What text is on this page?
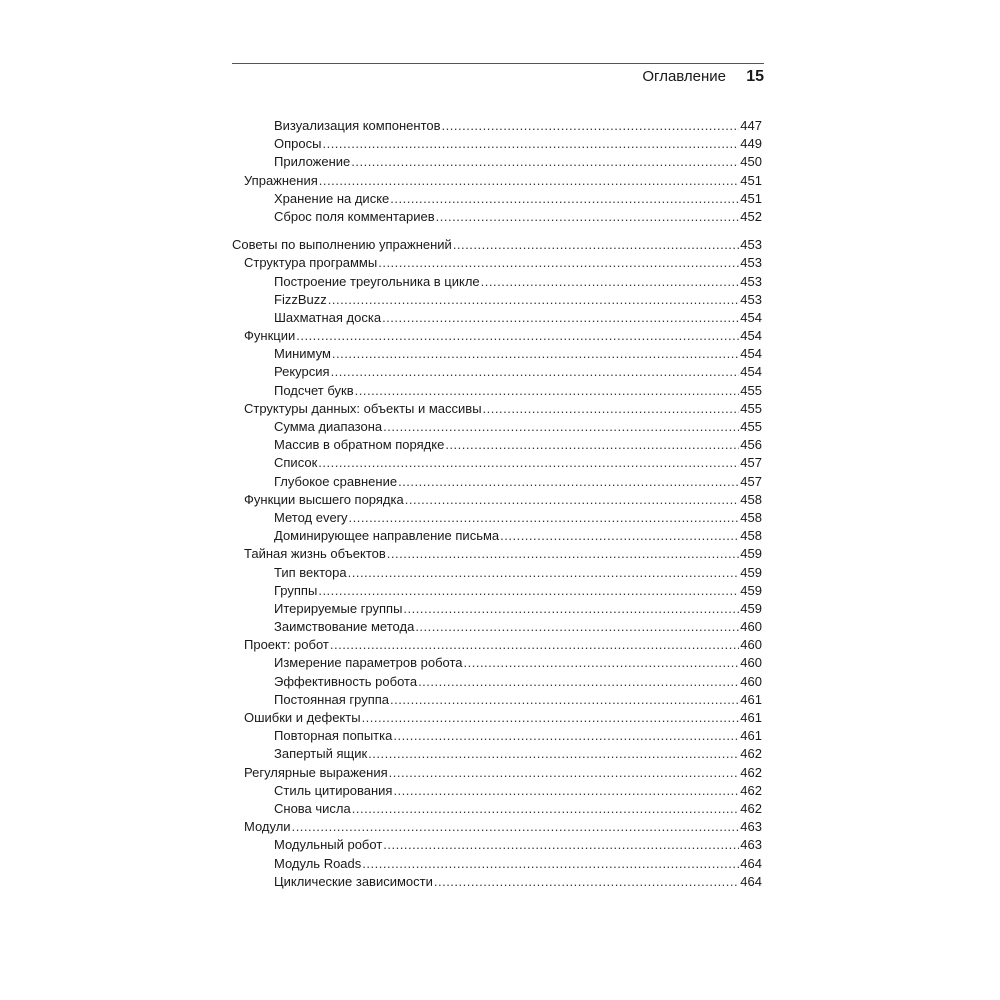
Оглавление 15
Визуализация компонентов .....	447
Опросы .....	449
Приложение .....	450
Упражнения .....	451
Хранение на диске .....	451
Сброс поля комментариев .....	452
Советы по выполнению упражнений .....	453
Структура программы .....	453
Построение треугольника в цикле .....	453
FizzBuzz .....	453
Шахматная доска .....	454
Функции .....	454
Минимум .....	454
Рекурсия .....	454
Подсчет букв .....	455
Структуры данных: объекты и массивы .....	455
Сумма диапазона .....	455
Массив в обратном порядке .....	456
Список .....	457
Глубокое сравнение .....	457
Функции высшего порядка .....	458
Метод every .....	458
Доминирующее направление письма .....	458
Тайная жизнь объектов .....	459
Тип вектора .....	459
Группы .....	459
Итерируемые группы .....	459
Заимствование метода .....	460
Проект: робот .....	460
Измерение параметров робота .....	460
Эффективность робота .....	460
Постоянная группа .....	461
Ошибки и дефекты .....	461
Повторная попытка .....	461
Запертый ящик .....	462
Регулярные выражения .....	462
Стиль цитирования .....	462
Снова числа .....	462
Модули .....	463
Модульный робот .....	463
Модуль Roads .....	464
Циклические зависимости .....	464
